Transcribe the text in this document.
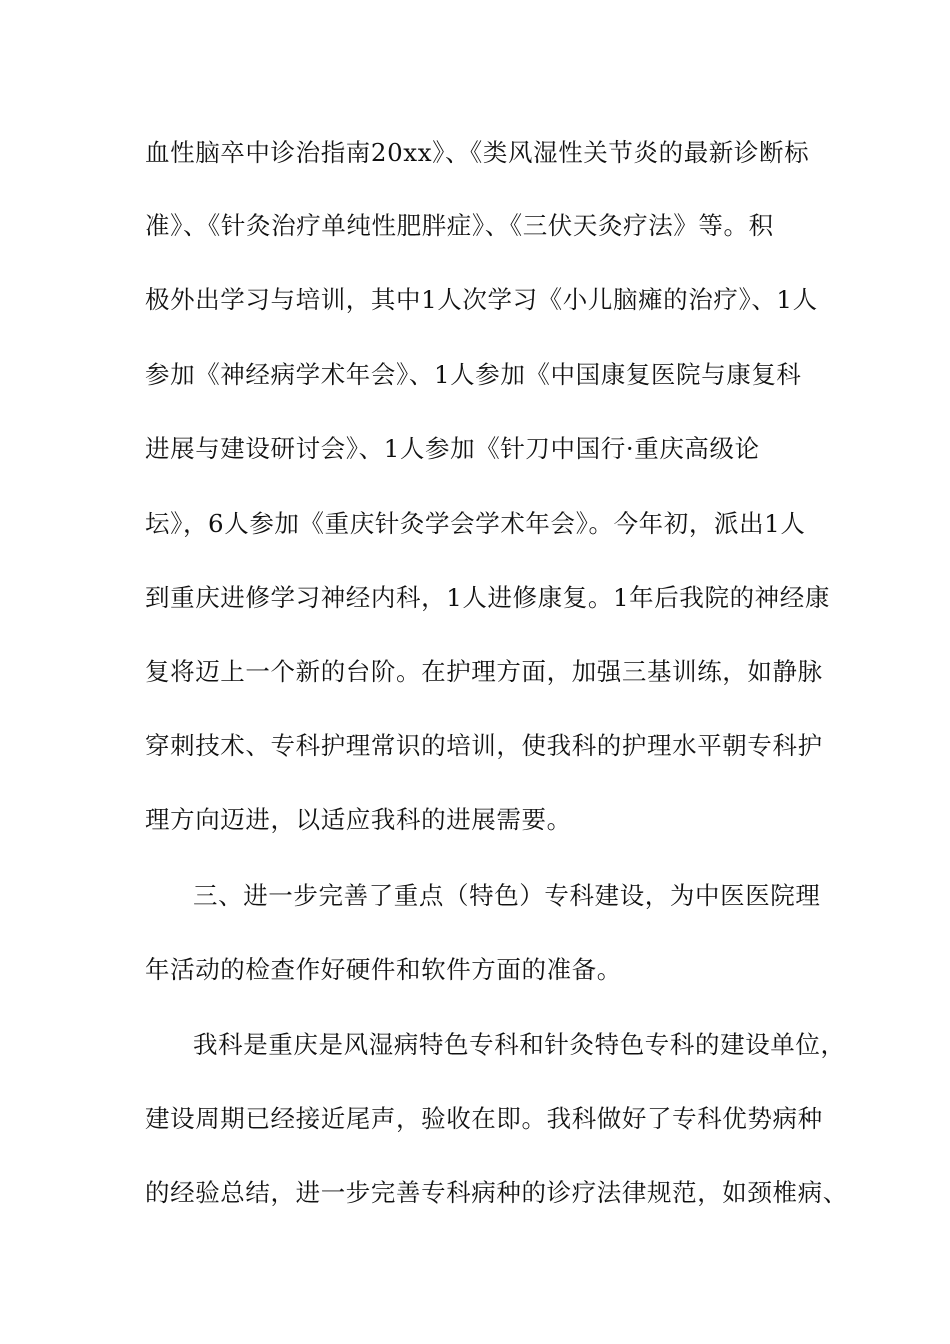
血性脑卒中诊治指南20xx》、《类风湿性关节炎的最新诊断标
准》、《针灸治疗单纯性肥胖症》、《三伏天灸疗法》等。积
极外出学习与培训，其中1人次学习《小儿脑瘫的治疗》、1人
参加《神经病学术年会》、1人参加《中国康复医院与康复科
进展与建设研讨会》、1人参加《针刀中国行·重庆高级论
坛》，6人参加《重庆针灸学会学术年会》。今年初，派出1人
到重庆进修学习神经内科，1人进修康复。1年后我院的神经康
复将迈上一个新的台阶。在护理方面，加强三基训练，如静脉
穿刺技术、专科护理常识的培训，使我科的护理水平朝专科护
理方向迈进，以适应我科的进展需要。
三、进一步完善了重点（特色）专科建设，为中医医院理
年活动的检查作好硬件和软件方面的准备。
我科是重庆是风湿病特色专科和针灸特色专科的建设单位，
建设周期已经接近尾声，验收在即。我科做好了专科优势病种
的经验总结，进一步完善专科病种的诊疗法律规范，如颈椎病、
